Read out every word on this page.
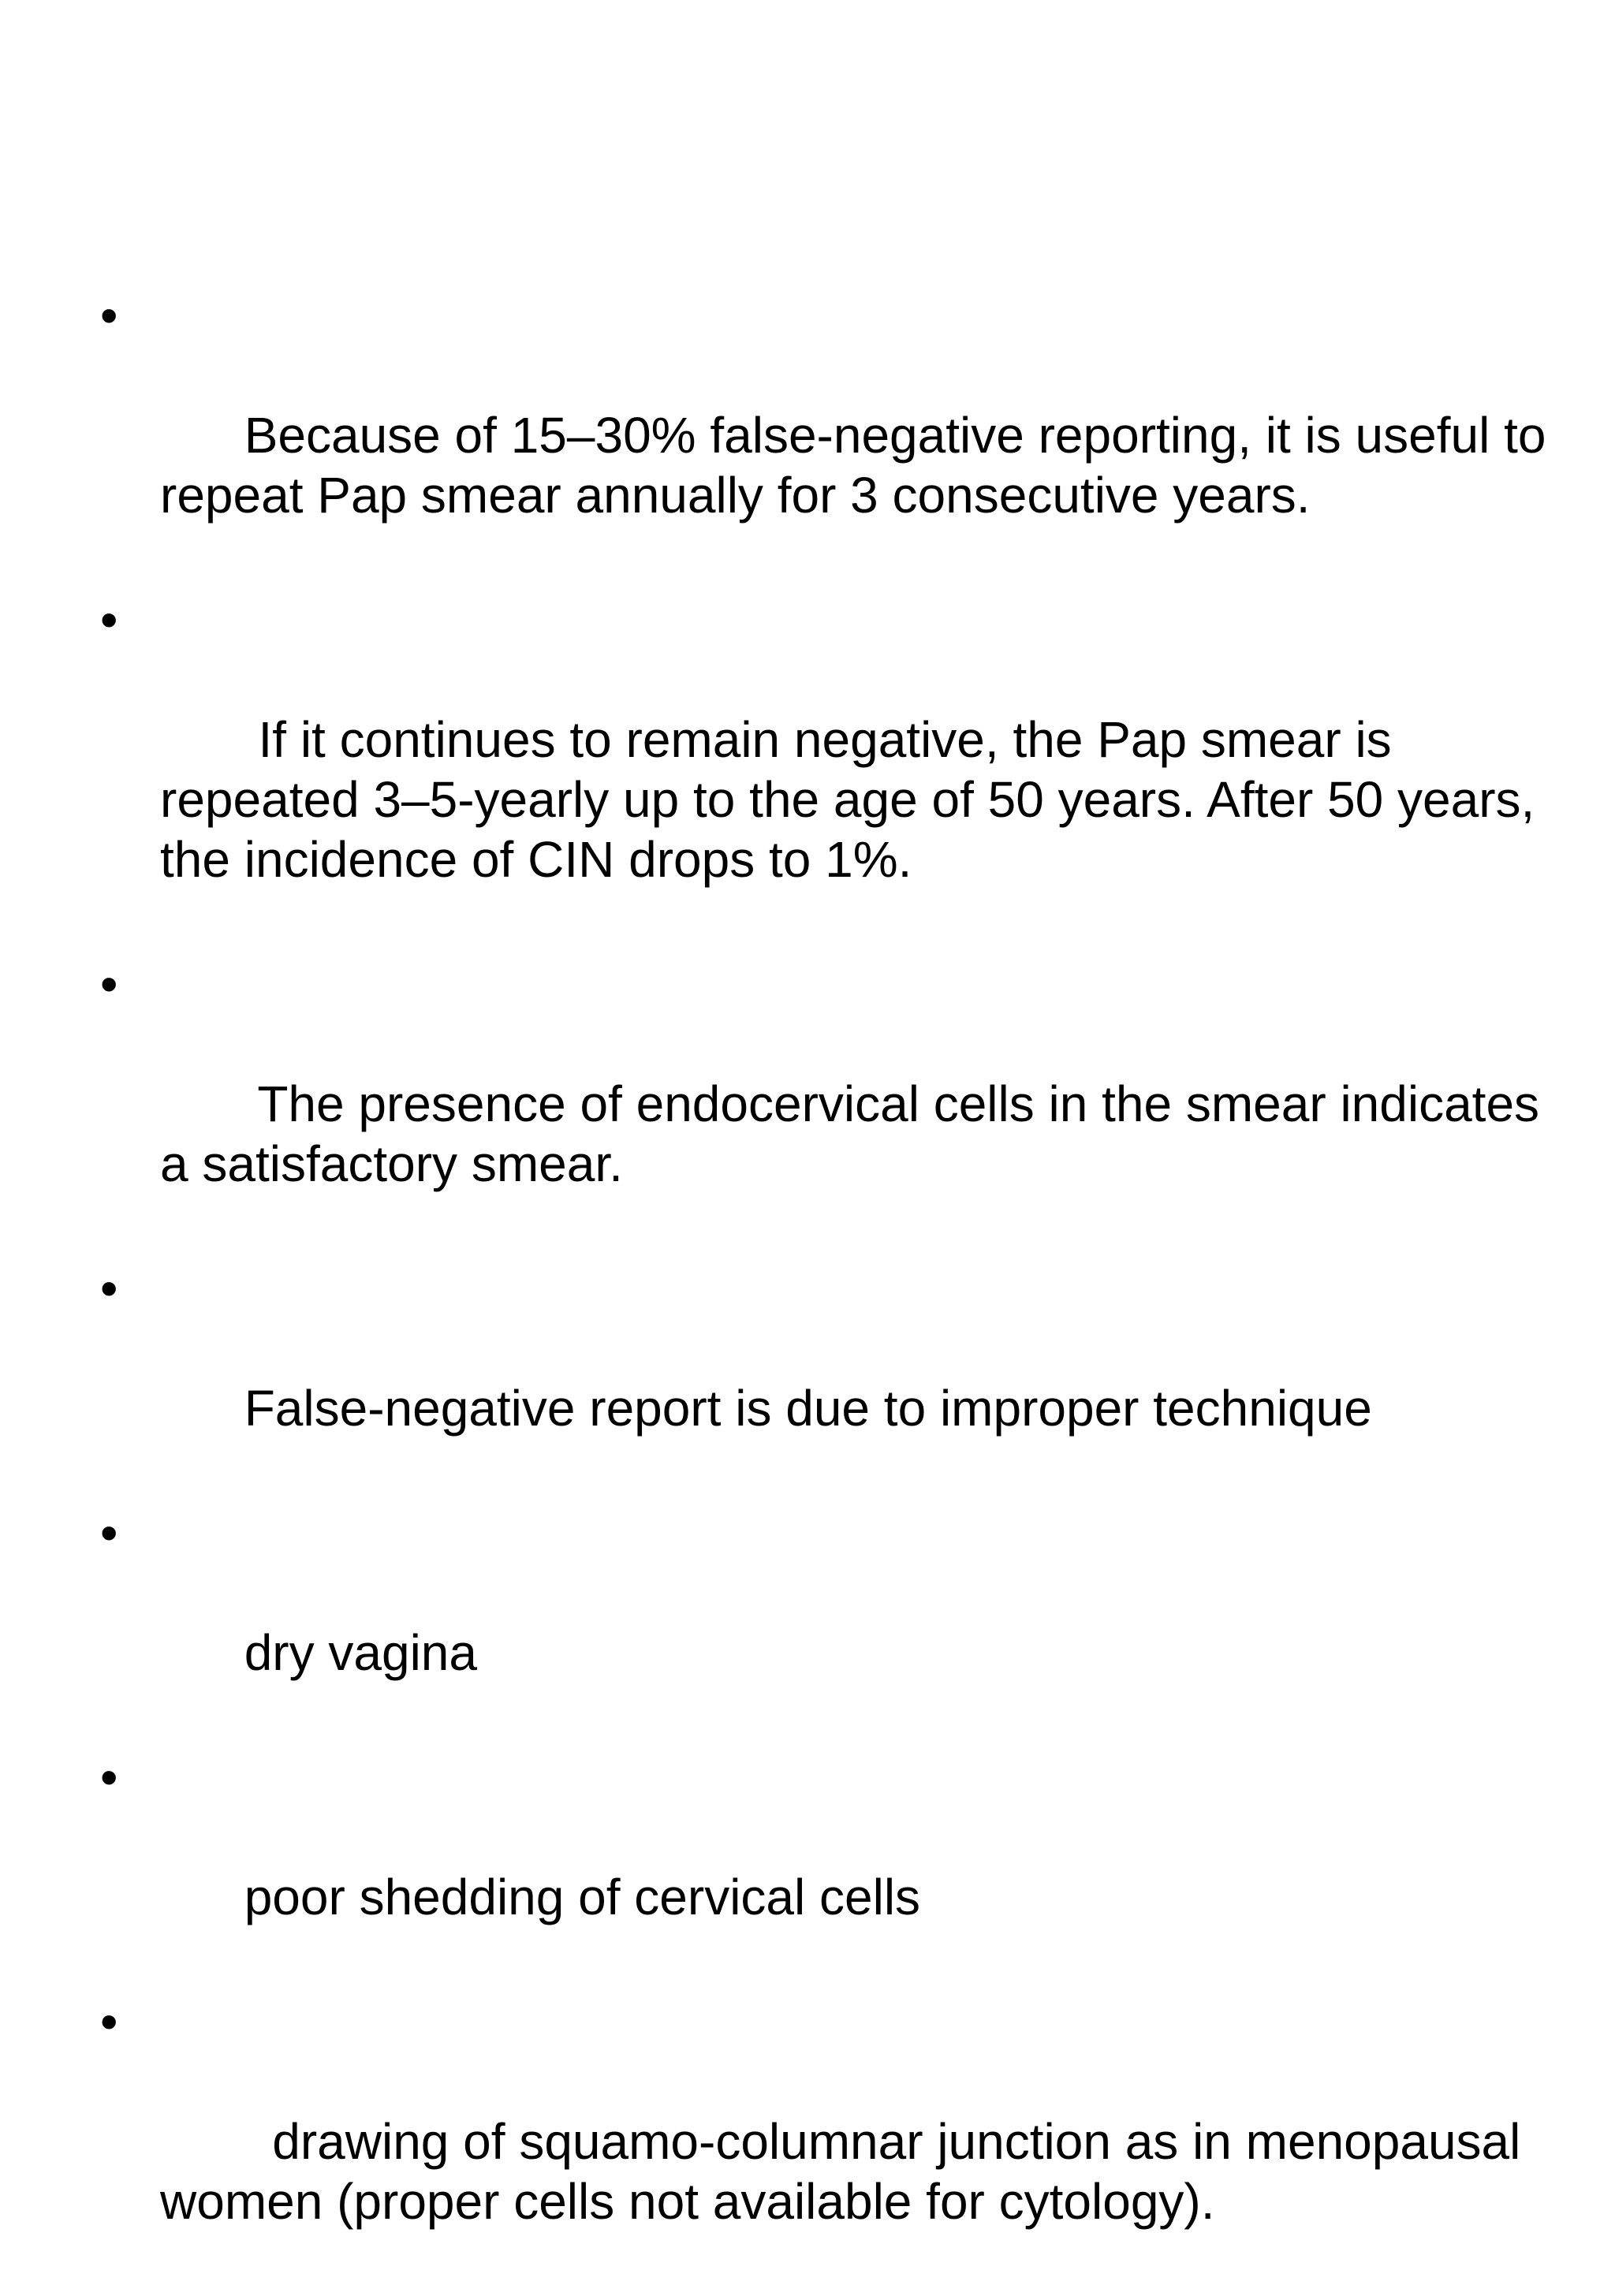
•

Because of 15–30% false-negative reporting, it is useful to repeat Pap smear annually for 3 consecutive years.

•

If it continues to remain negative, the Pap smear is repeated 3–5-yearly up to the age of 50 years. After 50 years, the incidence of CIN drops to 1%.

•

The presence of endocervical cells in the smear indicates a satisfactory smear.

•

False-negative report is due to improper technique

•

dry vagina

•

poor shedding of cervical cells

•

drawing of squamo-columnar junction as in menopausal women (proper cells not available for cytology).
